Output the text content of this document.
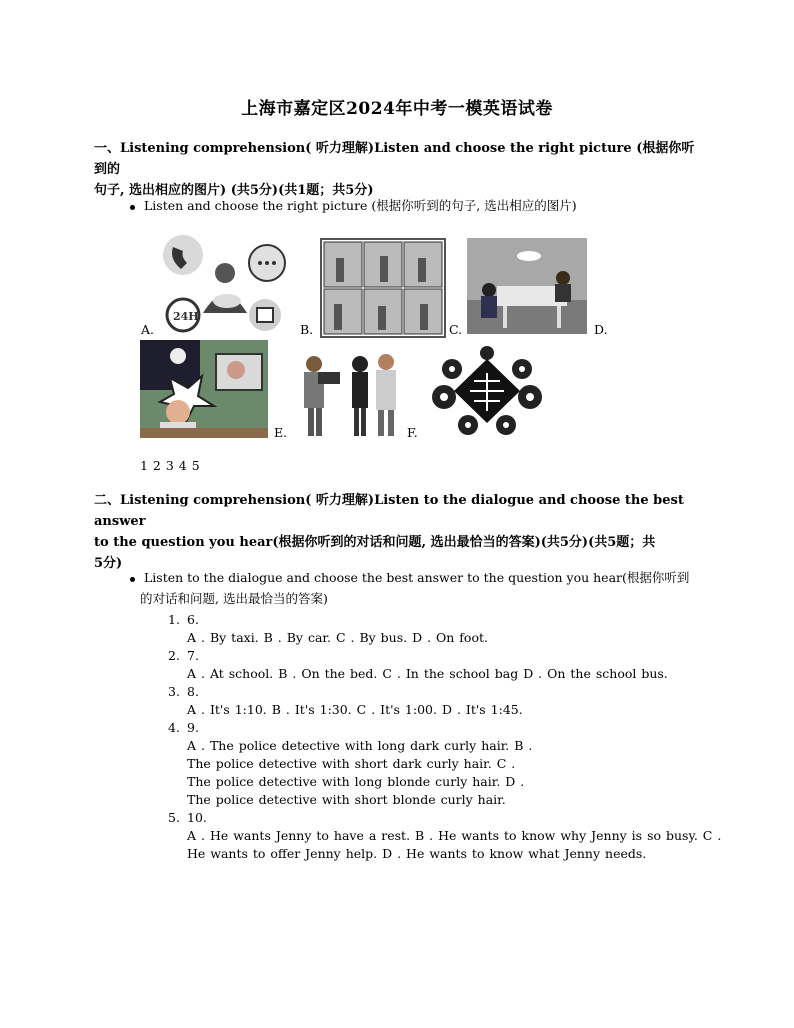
上海市嘉定区2024年中考一模英语试卷
一、Listening comprehension( 听力理解)Listen and choose the right picture (根据你听到的
句子, 选出相应的图片) (共5分)(共1题；共5分)
Listen and choose the right picture (根据你听到的句子, 选出相应的图片)
24H
A.	B.	C.	D.
E.	F.
1 2 3 4 5
二、Listening comprehension( 听力理解)Listen to the dialogue and choose the best answer
to the question you hear(根据你听到的对话和问题, 选出最恰当的答案)(共5分)(共5题；共
5分)
Listen to the dialogue and choose the best answer to the question you hear(根据你听到
的对话和问题, 选出最恰当的答案)
1. 6.
A . By taxi. B . By car. C . By bus. D . On foot.
2. 7.
A . At school. B . On the bed. C . In the school bag D . On the school bus.
3. 8.
A . It's 1:10. B . It's 1:30. C . It's 1:00. D . It's 1:45.
4. 9.
A . The police detective with long dark curly hair. B .
The police detective with short dark curly hair. C .
The police detective with long blonde curly hair. D .
The police detective with short blonde curly hair.
5. 10.
A . He wants Jenny to have a rest. B . He wants to know why Jenny is so busy. C .
He wants to offer Jenny help. D . He wants to know what Jenny needs.
